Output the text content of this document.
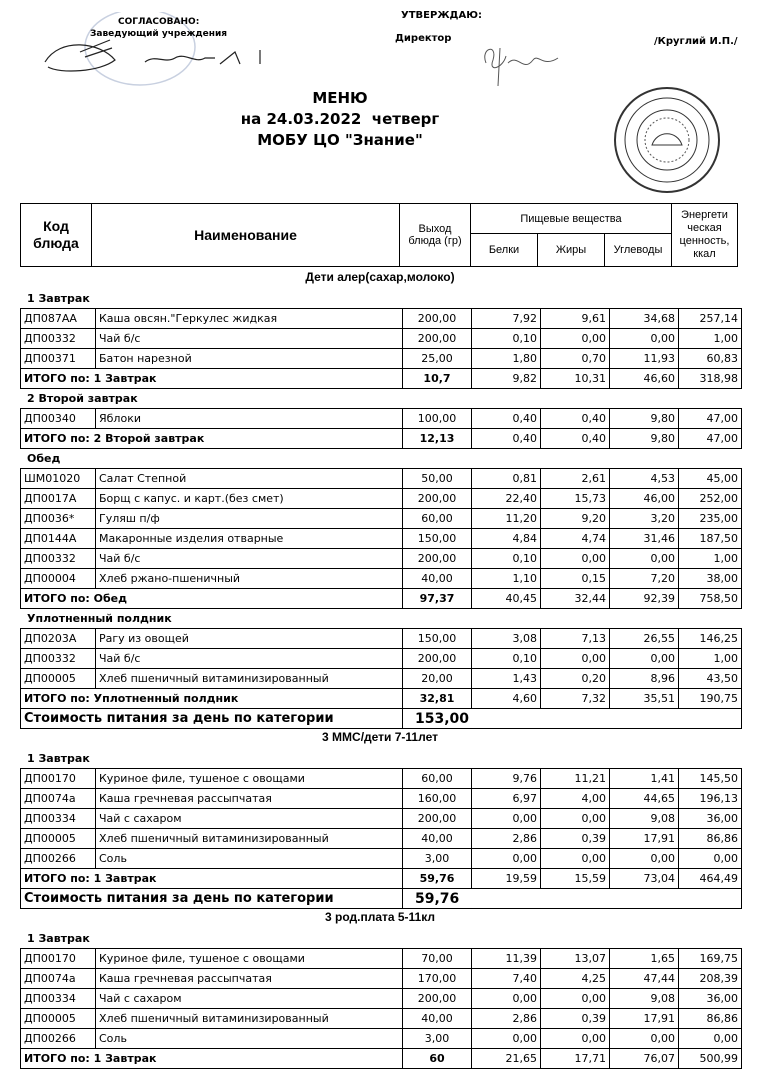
СОГЛАСОВАНО:
Заведующий учреждения
УТВЕРЖДАЮ:
Директор	/Круглий И.П./
МЕНЮ
на 24.03.2022  четверг
МОБУ ЦО "Знание"
Код блюда	Наименование	Выход блюда (гр)	Пищевые вещества			Энергети ческая ценность, ккал
			Белки	Жиры	Углеводы	
Дети алер(сахар,молоко)
1 Завтрак
ДП087АА	Каша овсян."Геркулес жидкая	200,00	7,92	9,61	34,68	257,14
ДП00332	Чай б/с	200,00	0,10	0,00	0,00	1,00
ДП00371	Батон нарезной	25,00	1,80	0,70	11,93	60,83
ИТОГО по: 1 Завтрак		10,7	9,82	10,31	46,60	318,98
2 Второй завтрак
ДП00340	Яблоки	100,00	0,40	0,40	9,80	47,00
ИТОГО по: 2 Второй завтрак		12,13	0,40	0,40	9,80	47,00
Обед
ШМ01020	Салат Степной	50,00	0,81	2,61	4,53	45,00
ДП0017А	Борщ с капус. и карт.(без смет)	200,00	22,40	15,73	46,00	252,00
ДП0036*	Гуляш п/ф	60,00	11,20	9,20	3,20	235,00
ДП0144А	Макаронные изделия отварные	150,00	4,84	4,74	31,46	187,50
ДП00332	Чай б/с	200,00	0,10	0,00	0,00	1,00
ДП00004	Хлеб ржано-пшеничный	40,00	1,10	0,15	7,20	38,00
ИТОГО по: Обед		97,37	40,45	32,44	92,39	758,50
Уплотненный полдник
ДП0203А	Рагу из овощей	150,00	3,08	7,13	26,55	146,25
ДП00332	Чай б/с	200,00	0,10	0,00	0,00	1,00
ДП00005	Хлеб пшеничный витаминизированный	20,00	1,43	0,20	8,96	43,50
ИТОГО по: Уплотненный полдник		32,81	4,60	7,32	35,51	190,75
Стоимость питания за день по категории		153,00				
3 ММС/дети 7-11лет
1 Завтрак
ДП00170	Куриное филе, тушеное с овощами	60,00	9,76	11,21	1,41	145,50
ДП0074а	Каша гречневая рассыпчатая	160,00	6,97	4,00	44,65	196,13
ДП00334	Чай с сахаром	200,00	0,00	0,00	9,08	36,00
ДП00005	Хлеб пшеничный витаминизированный	40,00	2,86	0,39	17,91	86,86
ДП00266	Соль	3,00	0,00	0,00	0,00	0,00
ИТОГО по: 1 Завтрак		59,76	19,59	15,59	73,04	464,49
Стоимость питания за день по категории		59,76				
3 род.плата 5-11кл
1 Завтрак
ДП00170	Куриное филе, тушеное с овощами	70,00	11,39	13,07	1,65	169,75
ДП0074а	Каша гречневая рассыпчатая	170,00	7,40	4,25	47,44	208,39
ДП00334	Чай с сахаром	200,00	0,00	0,00	9,08	36,00
ДП00005	Хлеб пшеничный витаминизированный	40,00	2,86	0,39	17,91	86,86
ДП00266	Соль	3,00	0,00	0,00	0,00	0,00
ИТОГО по: 1 Завтрак		60	21,65	17,71	76,07	500,99
